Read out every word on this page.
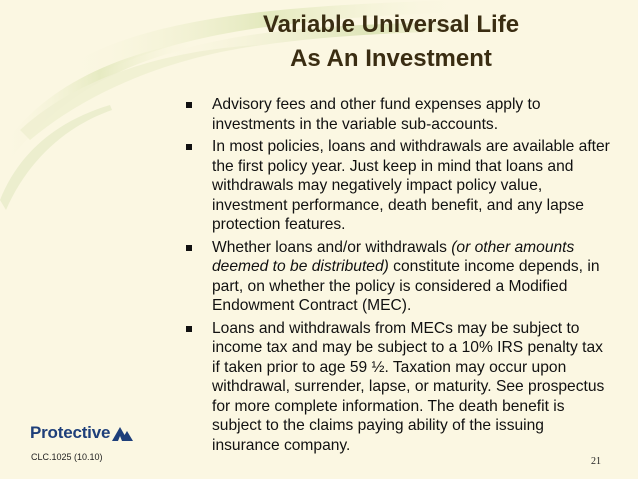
Variable Universal Life
As An Investment
Advisory fees and other fund expenses apply to investments in the variable sub-accounts.
In most policies, loans and withdrawals are available after the first policy year. Just keep in mind that loans and withdrawals may negatively impact policy value, investment performance, death benefit, and any lapse protection features.
Whether loans and/or withdrawals (or other amounts deemed to be distributed) constitute income depends, in part, on whether the policy is considered a Modified Endowment Contract (MEC).
Loans and withdrawals from MECs may be subject to income tax and may be subject to a 10% IRS penalty tax if taken prior to age 59 ½. Taxation may occur upon withdrawal, surrender, lapse, or maturity. See prospectus for more complete information. The death benefit is subject to the claims paying ability of the issuing insurance company.
Protective
CLC.1025 (10.10)	21
